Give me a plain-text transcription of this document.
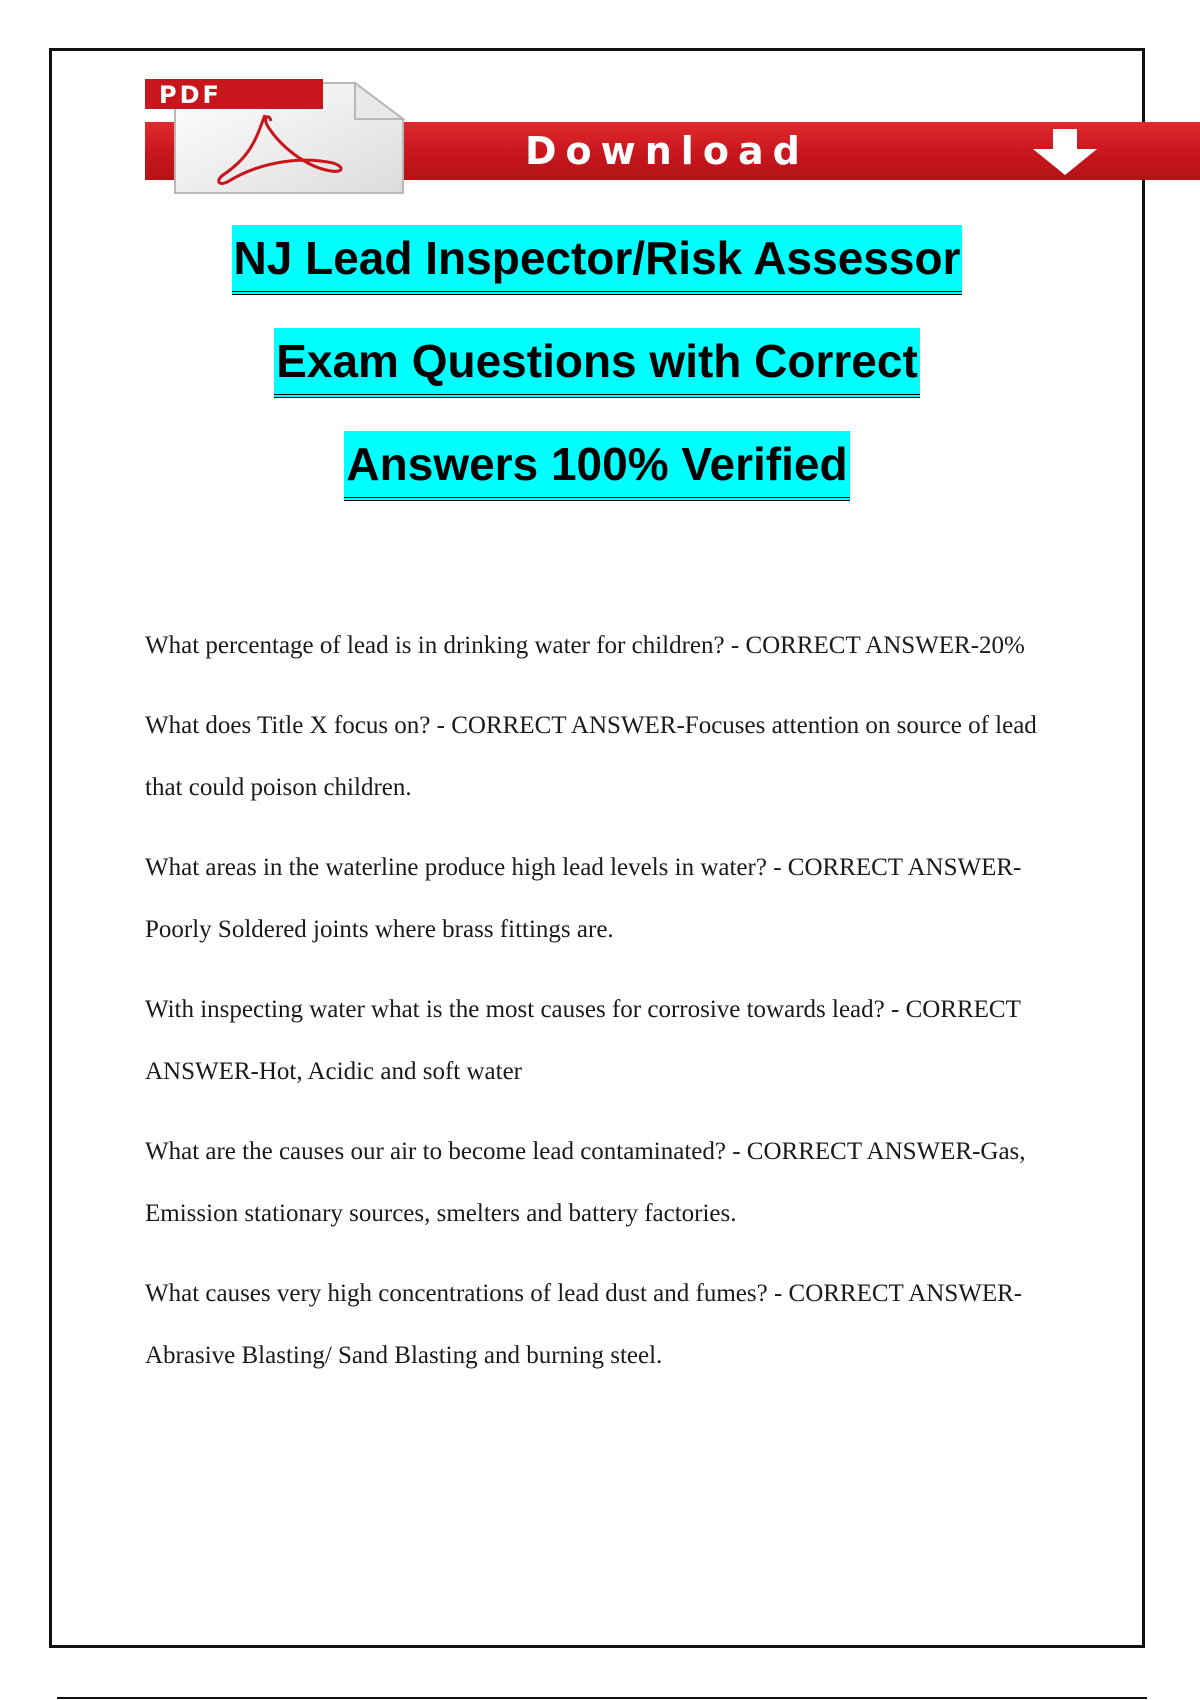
Download
PDF
NJ Lead Inspector/Risk Assessor
Exam Questions with Correct
Answers 100% Verified

What percentage of lead is in drinking water for children? - CORRECT ANSWER-20%

What does Title X focus on? - CORRECT ANSWER-Focuses attention on source of lead that could poison children.

What areas in the waterline produce high lead levels in water? - CORRECT ANSWER-Poorly Soldered joints where brass fittings are.

With inspecting water what is the most causes for corrosive towards lead? - CORRECT ANSWER-Hot, Acidic and soft water

What are the causes our air to become lead contaminated? - CORRECT ANSWER-Gas, Emission stationary sources, smelters and battery factories.

What causes very high concentrations of lead dust and fumes? - CORRECT ANSWER-Abrasive Blasting/ Sand Blasting and burning steel.
